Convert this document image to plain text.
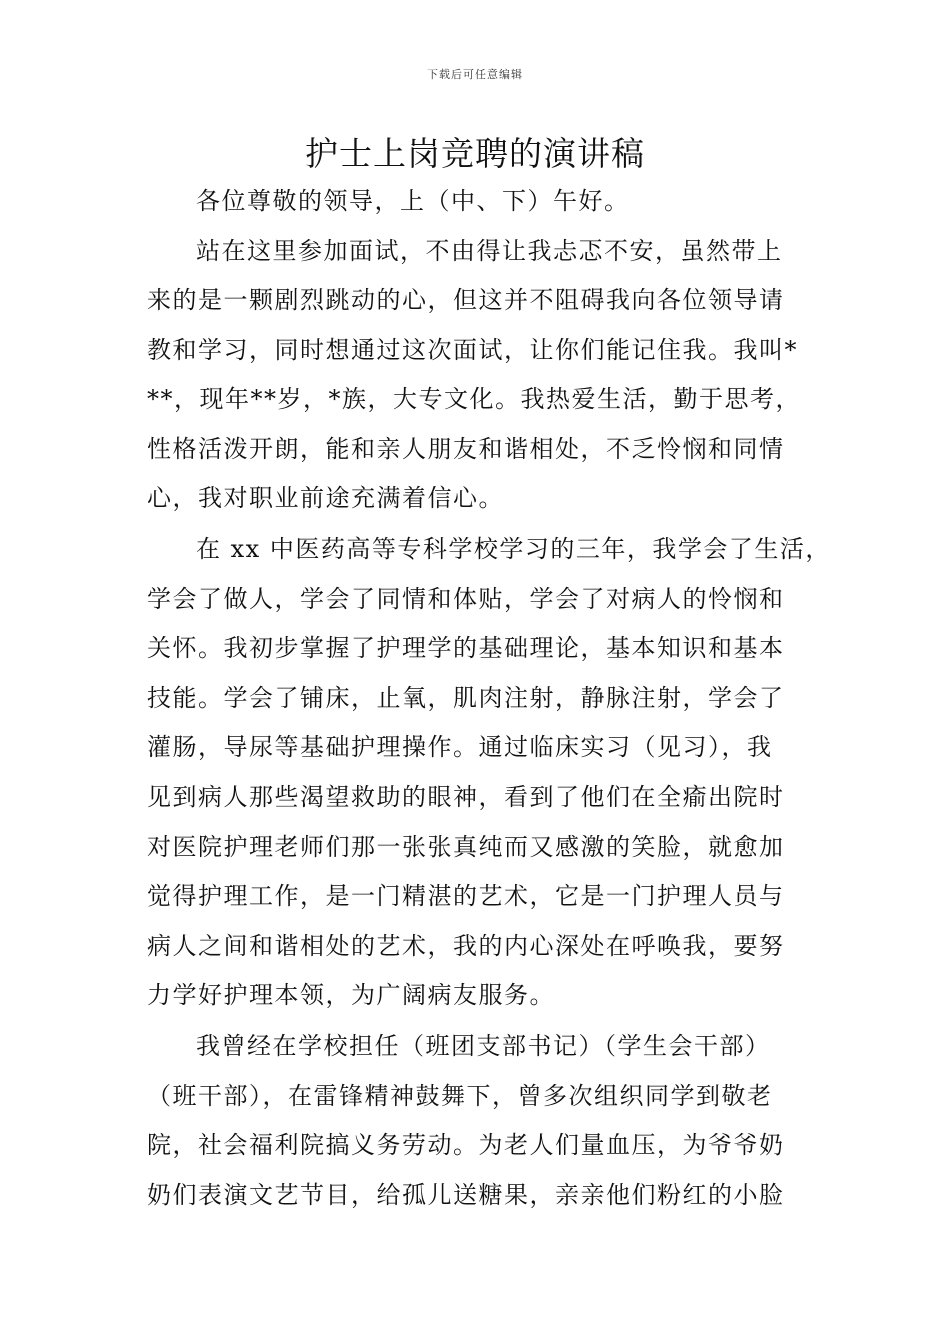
下载后可任意编辑
护士上岗竞聘的演讲稿
各位尊敬的领导，上（中、下）午好。
站在这里参加面试，不由得让我忐忑不安，虽然带上
来的是一颗剧烈跳动的心，但这并不阻碍我向各位领导请
教和学习，同时想通过这次面试，让你们能记住我。我叫*
**，现年**岁，*族，大专文化。我热爱生活，勤于思考，
性格活泼开朗，能和亲人朋友和谐相处，不乏怜悯和同情
心，我对职业前途充满着信心。
在 xx 中医药高等专科学校学习的三年，我学会了生活，
学会了做人，学会了同情和体贴，学会了对病人的怜悯和
关怀。我初步掌握了护理学的基础理论，基本知识和基本
技能。学会了铺床，止氧，肌肉注射，静脉注射，学会了
灌肠，导尿等基础护理操作。通过临床实习（见习），我
见到病人那些渴望救助的眼神，看到了他们在全瘉出院时
对医院护理老师们那一张张真纯而又感激的笑脸，就愈加
觉得护理工作，是一门精湛的艺术，它是一门护理人员与
病人之间和谐相处的艺术，我的内心深处在呼唤我，要努
力学好护理本领，为广阔病友服务。
我曾经在学校担任（班团支部书记）（学生会干部）
（班干部），在雷锋精神鼓舞下，曾多次组织同学到敬老
院，社会福利院搞义务劳动。为老人们量血压，为爷爷奶
奶们表演文艺节目，给孤儿送糖果，亲亲他们粉红的小脸
